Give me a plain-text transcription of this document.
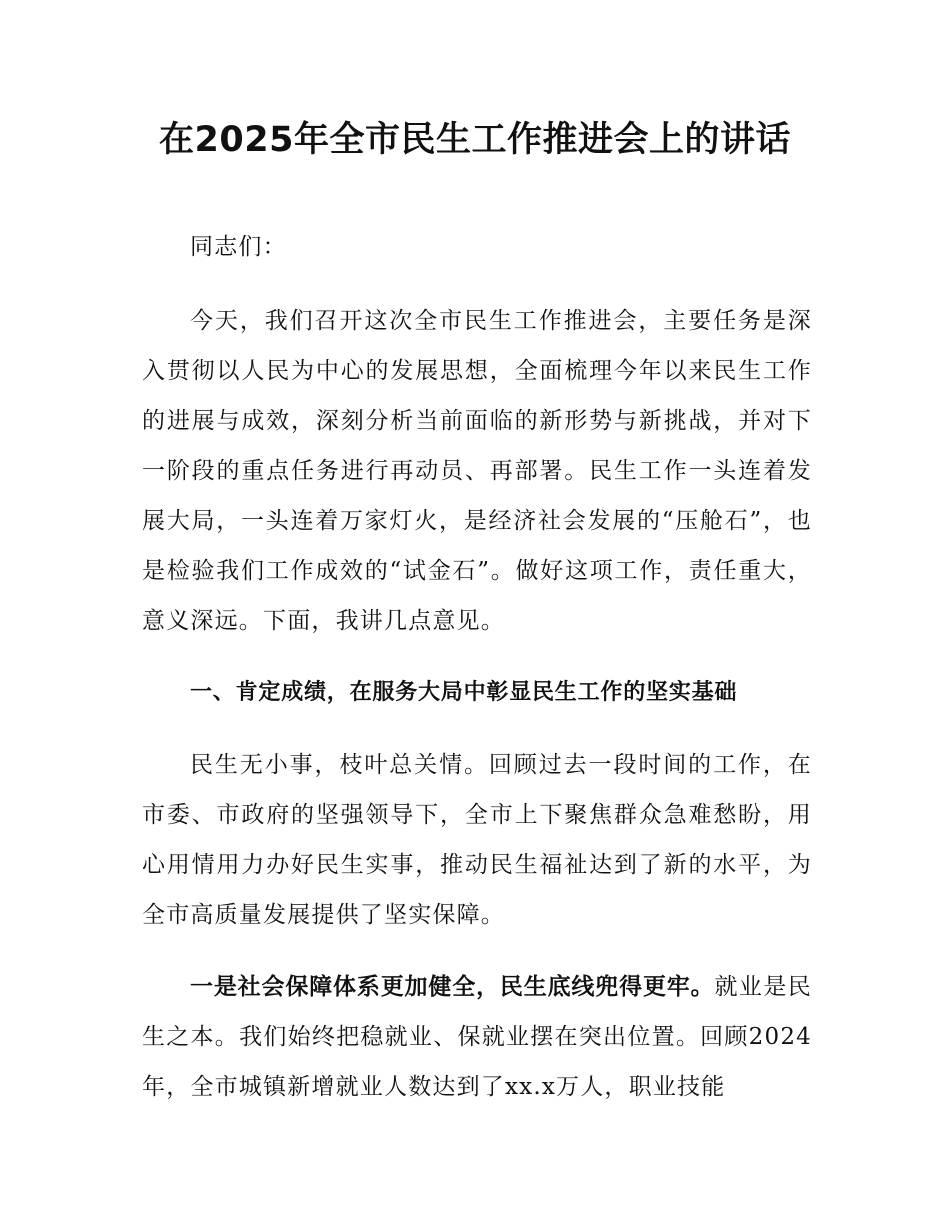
在2025年全市民生工作推进会上的讲话

同志们：

今天，我们召开这次全市民生工作推进会，主要任务是深入贯彻以人民为中心的发展思想，全面梳理今年以来民生工作的进展与成效，深刻分析当前面临的新形势与新挑战，并对下一阶段的重点任务进行再动员、再部署。民生工作一头连着发展大局，一头连着万家灯火，是经济社会发展的“压舱石”，也是检验我们工作成效的“试金石”。做好这项工作，责任重大，意义深远。下面，我讲几点意见。

一、肯定成绩，在服务大局中彰显民生工作的坚实基础

民生无小事，枝叶总关情。回顾过去一段时间的工作，在市委、市政府的坚强领导下，全市上下聚焦群众急难愁盼，用心用情用力办好民生实事，推动民生福祉达到了新的水平，为全市高质量发展提供了坚实保障。

一是社会保障体系更加健全，民生底线兜得更牢。就业是民生之本。我们始终把稳就业、保就业摆在突出位置。回顾2024年，全市城镇新增就业人数达到了xx.x万人，职业技能
